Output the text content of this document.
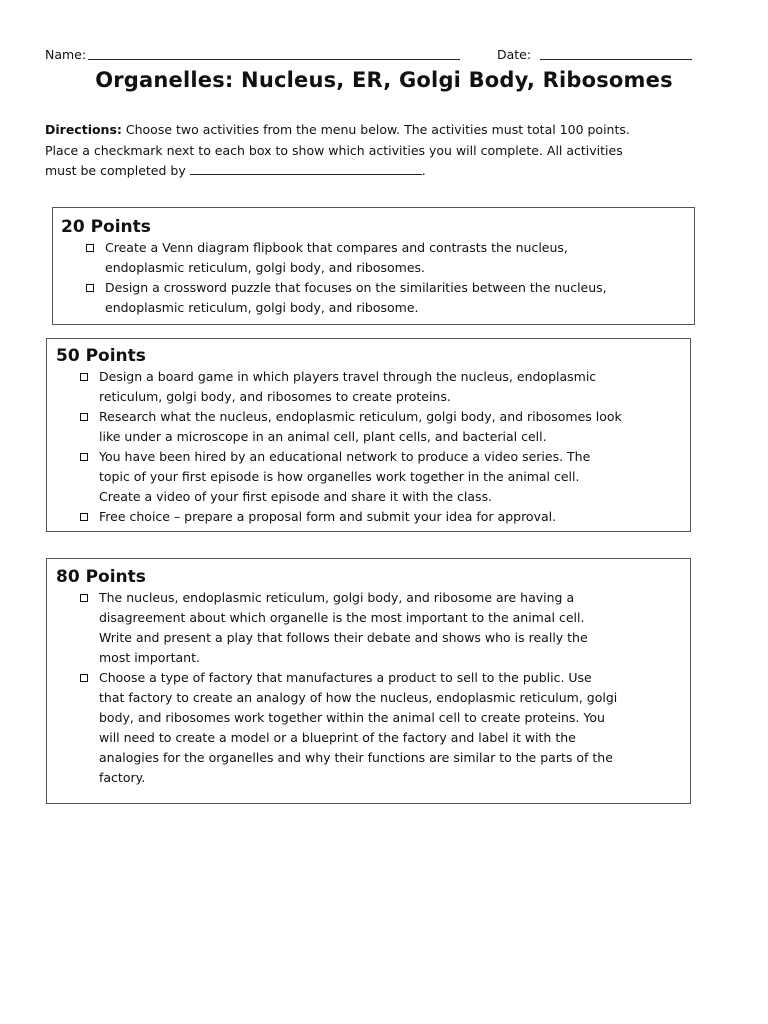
Name:	Date:
Organelles: Nucleus, ER, Golgi Body, Ribosomes
Directions: Choose two activities from the menu below. The activities must total 100 points.
Place a checkmark next to each box to show which activities you will complete. All activities
must be completed by	.
20 Points
Create a Venn diagram flipbook that compares and contrasts the nucleus,
endoplasmic reticulum, golgi body, and ribosomes.
Design a crossword puzzle that focuses on the similarities between the nucleus,
endoplasmic reticulum, golgi body, and ribosome.
50 Points
Design a board game in which players travel through the nucleus, endoplasmic
reticulum, golgi body, and ribosomes to create proteins.
Research what the nucleus, endoplasmic reticulum, golgi body, and ribosomes look
like under a microscope in an animal cell, plant cells, and bacterial cell.
You have been hired by an educational network to produce a video series. The
topic of your first episode is how organelles work together in the animal cell.
Create a video of your first episode and share it with the class.
Free choice – prepare a proposal form and submit your idea for approval.
80 Points
The nucleus, endoplasmic reticulum, golgi body, and ribosome are having a
disagreement about which organelle is the most important to the animal cell.
Write and present a play that follows their debate and shows who is really the
most important.
Choose a type of factory that manufactures a product to sell to the public. Use
that factory to create an analogy of how the nucleus, endoplasmic reticulum, golgi
body, and ribosomes work together within the animal cell to create proteins. You
will need to create a model or a blueprint of the factory and label it with the
analogies for the organelles and why their functions are similar to the parts of the
factory.
